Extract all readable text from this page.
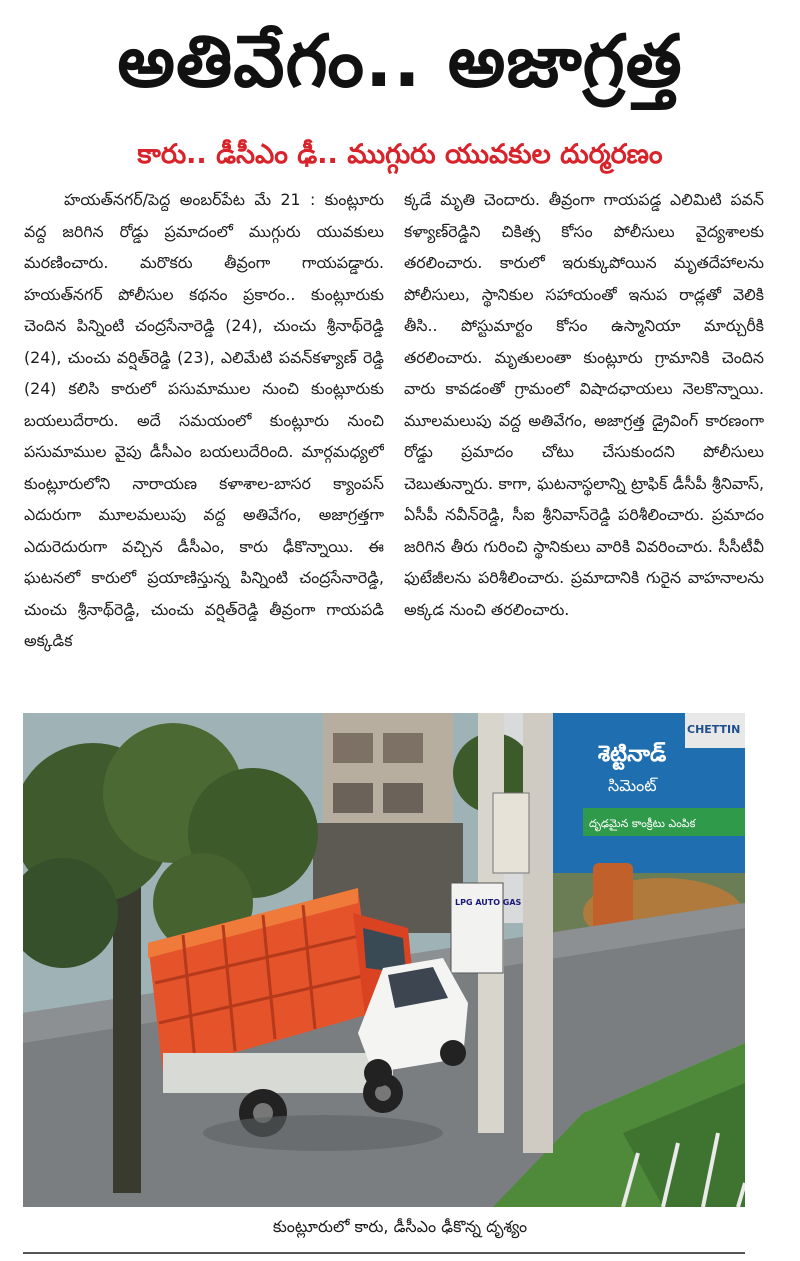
అతివేగం.. అజాగ్రత్త
కారు.. డీసీఎం ఢీ.. ముగ్గురు యువకుల దుర్మరణం

హయత్‌నగర్/పెద్ద అంబర్‌పేట మే 21 : కుంట్లూరు వద్ద జరిగిన రోడ్డు ప్రమాదంలో ముగ్గురు యువకులు మరణించారు. మరొకరు తీవ్రంగా గాయపడ్డారు. హయత్‌నగర్ పోలీసుల కథనం ప్రకారం.. కుంట్లూరుకు చెందిన పిన్నింటి చంద్రసేనారెడ్డి (24), చుంచు శ్రీనాథ్‌రెడ్డి (24), చుంచు వర్షిత్‌రెడ్డి (23), ఎలిమేటి పవన్‌కళ్యాణ్ రెడ్డి (24) కలిసి కారులో పసుమాముల నుంచి కుంట్లూరుకు బయలుదేరారు. అదే సమయంలో కుంట్లూరు నుంచి పసుమాముల వైపు డీసీఎం బయలుదేరింది. మార్గమధ్యలో కుంట్లూరులోని నారాయణ కళాశాల-బాసర క్యాంపస్ ఎదురుగా మూలమలుపు వద్ద అతివేగం, అజాగ్రత్తగా ఎదురెదురుగా వచ్చిన డీసీఎం, కారు ఢీకొన్నాయి. ఈ ఘటనలో కారులో ప్రయాణిస్తున్న పిన్నింటి చంద్రసేనారెడ్డి, చుంచు శ్రీనాథ్‌రెడ్డి, చుంచు వర్షిత్‌రెడ్డి తీవ్రంగా గాయపడి అక్కడిక

క్కడే మృతి చెందారు. తీవ్రంగా గాయపడ్డ ఎలిమిటి పవన్ కళ్యాణ్‌రెడ్డిని చికిత్స కోసం పోలీసులు వైద్యశాలకు తరలించారు. కారులో ఇరుక్కుపోయిన మృతదేహాలను పోలీసులు, స్థానికుల సహాయంతో ఇనుప రాడ్లతో వెలికి తీసి.. పోస్టుమార్టం కోసం ఉస్మానియా మార్చురీకి తరలించారు. మృతులంతా కుంట్లూరు గ్రామానికి చెందిన వారు కావడంతో గ్రామంలో విషాదఛాయలు నెలకొన్నాయి. మూలమలుపు వద్ద అతివేగం, అజాగ్రత్త డ్రైవింగ్ కారణంగా రోడ్డు ప్రమాదం చోటు చేసుకుందని పోలీసులు చెబుతున్నారు. కాగా, ఘటనాస్థలాన్ని ట్రాఫిక్ డీసీపీ శ్రీనివాస్, ఏసీపీ నవీన్‌రెడ్డి, సీఐ శ్రీనివాస్‌రెడ్డి పరిశీలించారు. ప్రమాదం జరిగిన తీరు గురించి స్థానికులు వారికి వివరించారు. సీసీటీవీ ఫుటేజీలను పరిశీలించారు. ప్రమాదానికి గురైన వాహనాలను అక్కడ నుంచి తరలించారు.

శెట్టినాడ్
సిమెంట్
దృఢమైన కాంక్రీటు ఎంపిక
CHETTIN
LPG AUTO GAS
కుంట్లూరులో కారు, డీసీఎం ఢీకొన్న దృశ్యం
